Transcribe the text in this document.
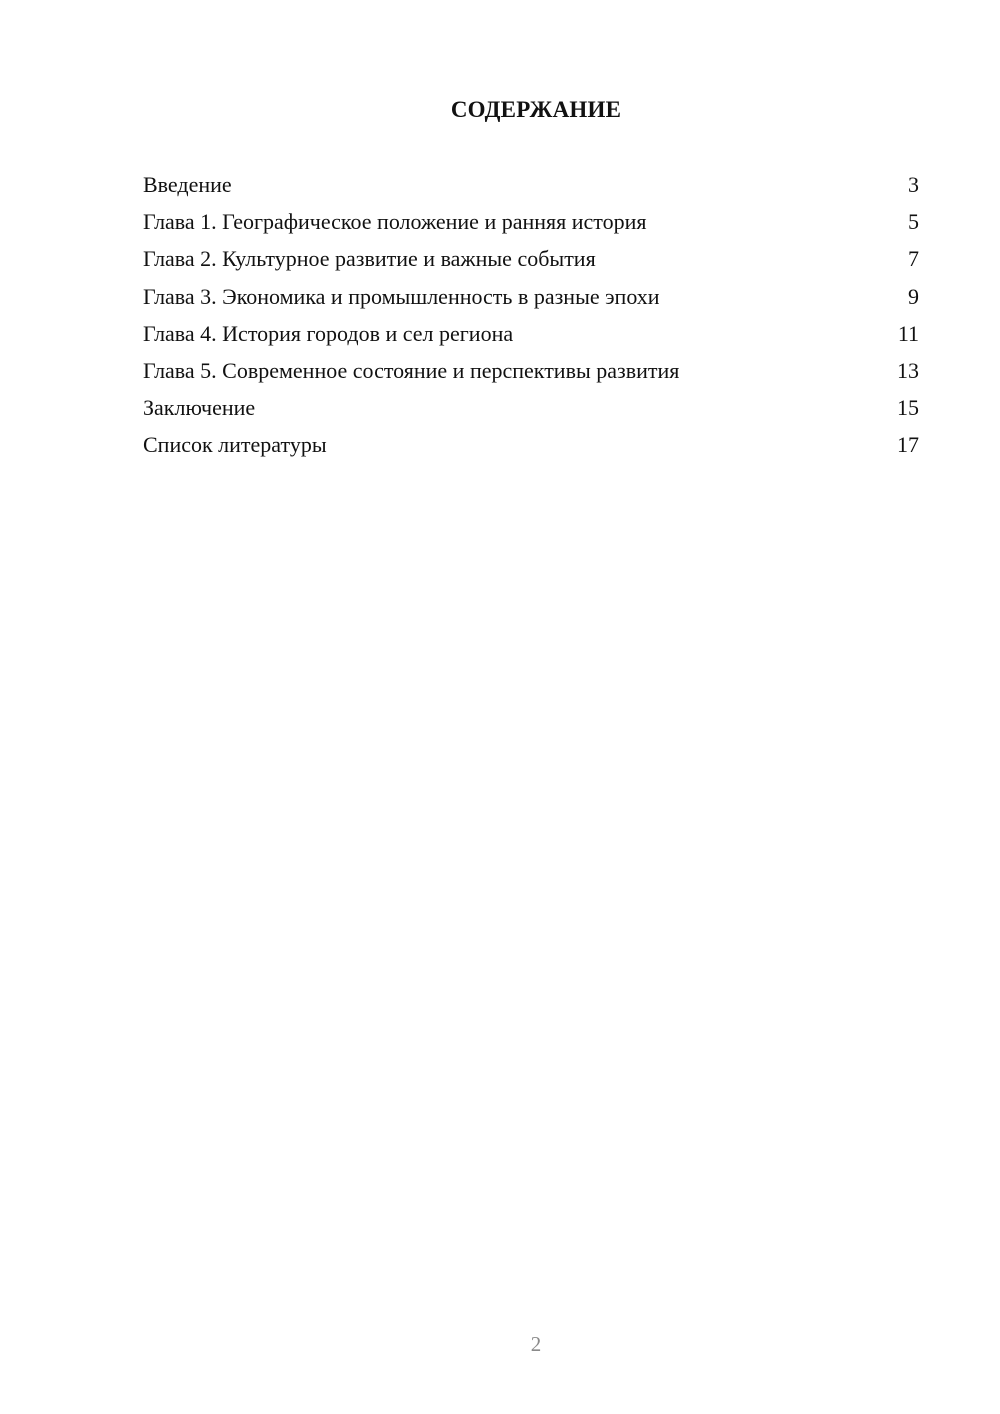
СОДЕРЖАНИЕ
Введение	3
Глава 1. Географическое положение и ранняя история	5
Глава 2. Культурное развитие и важные события	7
Глава 3. Экономика и промышленность в разные эпохи	9
Глава 4. История городов и сел региона	11
Глава 5. Современное состояние и перспективы развития	13
Заключение	15
Список литературы	17
2
